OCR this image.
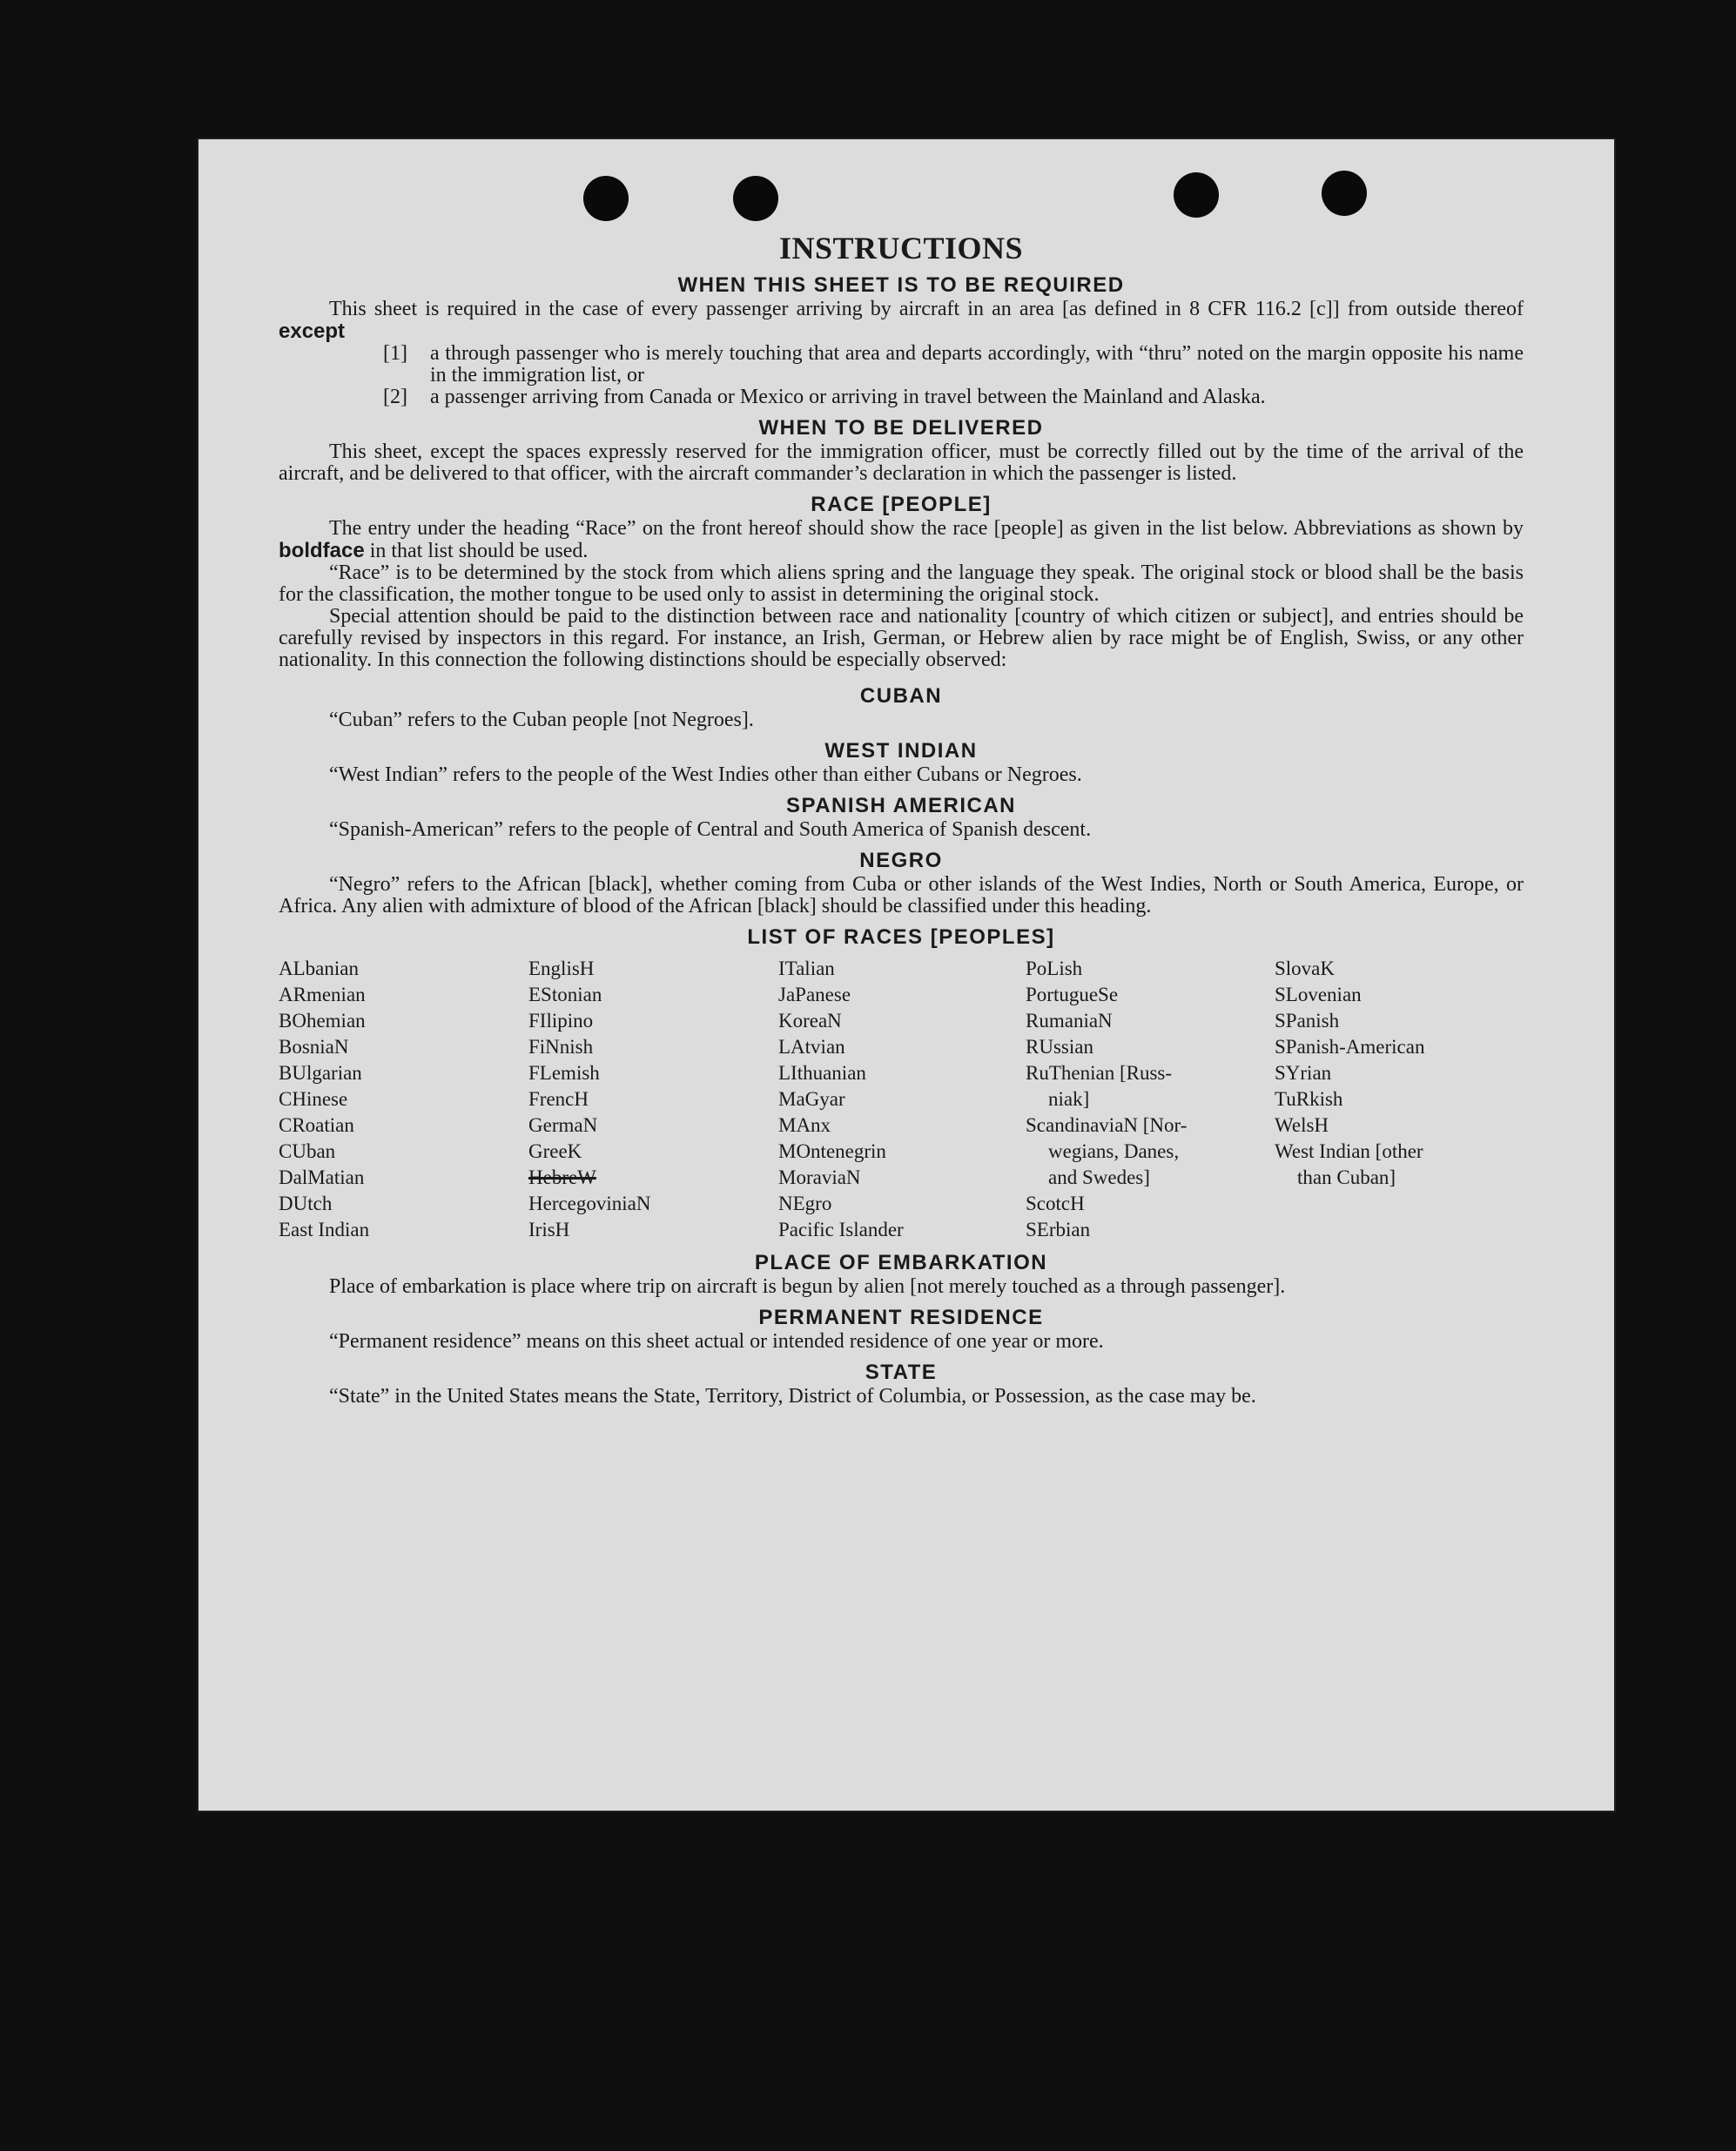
INSTRUCTIONS
WHEN THIS SHEET IS TO BE REQUIRED

This sheet is required in the case of every passenger arriving by aircraft in an area [as defined in 8 CFR 116.2 [c]] from outside thereof except

[1]	a through passenger who is merely touching that area and departs accordingly, with “thru” noted on the margin opposite his name in the immigration list, or
[2]	a passenger arriving from Canada or Mexico or arriving in travel between the Mainland and Alaska.
WHEN TO BE DELIVERED

This sheet, except the spaces expressly reserved for the immigration officer, must be correctly filled out by the time of the arrival of the aircraft, and be delivered to that officer, with the aircraft commander’s declaration in which the passenger is listed.

RACE [PEOPLE]

The entry under the heading “Race” on the front hereof should show the race [people] as given in the list below. Abbreviations as shown by boldface in that list should be used.

“Race” is to be determined by the stock from which aliens spring and the language they speak. The original stock or blood shall be the basis for the classification, the mother tongue to be used only to assist in determining the original stock.

Special attention should be paid to the distinction between race and nationality [country of which citizen or subject], and entries should be carefully revised by inspectors in this regard. For instance, an Irish, German, or Hebrew alien by race might be of English, Swiss, or any other nationality. In this connection the following distinctions should be especially observed:

CUBAN

“Cuban” refers to the Cuban people [not Negroes].

WEST INDIAN

“West Indian” refers to the people of the West Indies other than either Cubans or Negroes.

SPANISH AMERICAN

“Spanish-American” refers to the people of Central and South America of Spanish descent.

NEGRO

“Negro” refers to the African [black], whether coming from Cuba or other islands of the West Indies, North or South America, Europe, or Africa. Any alien with admixture of blood of the African [black] should be classified under this heading.

LIST OF RACES [PEOPLES]
ALbanian
ARmenian
BOhemian
BosniaN
BUlgarian
CHinese
CRoatian
CUban
DalMatian
DUtch
East Indian
EnglisH
EStonian
FIlipino
FiNnish
FLemish
FrencH
GermaN
GreeK
HebreW
HercegoviniaN
IrisH
ITalian
JaPanese
KoreaN
LAtvian
LIthuanian
MaGyar
MAnx
MOntenegrin
MoraviaN
NEgro
Pacific Islander
PoLish
PortugueSe
RumaniaN
RUssian
RuThenian [Russ-
niak]
ScandinaviaN [Nor-
wegians, Danes,
and Swedes]
ScotcH
SErbian
SlovaK
SLovenian
SPanish
SPanish-American
SYrian
TuRkish
WelsH
West Indian [other
than Cuban]
PLACE OF EMBARKATION

Place of embarkation is place where trip on aircraft is begun by alien [not merely touched as a through passenger].

PERMANENT RESIDENCE

“Permanent residence” means on this sheet actual or intended residence of one year or more.

STATE

“State” in the United States means the State, Territory, District of Columbia, or Possession, as the case may be.
